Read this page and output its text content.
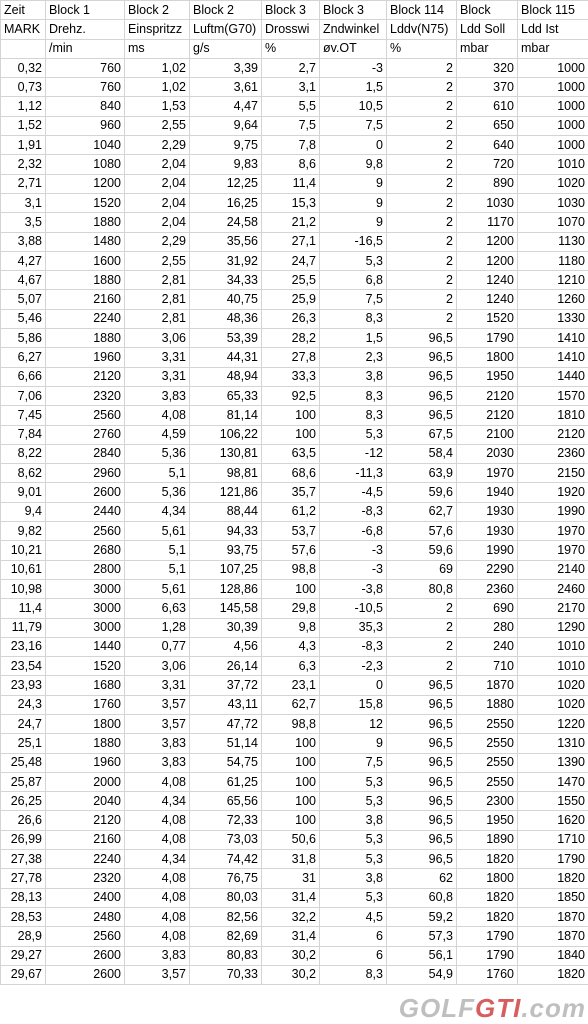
Zeit	Block 1	Block 2	Block 2	Block 3	Block 3	Block 114	Block	Block 115
MARK	Drehz.	Einspritzz	Luftm(G70)	Drosswi	Zndwinkel	Lddv(N75)	Ldd Soll	Ldd Ist
	/min	ms	g/s	%	øv.OT	%	mbar	mbar
0,32	760	1,02	3,39	2,7	-3	2	320	1000
0,73	760	1,02	3,61	3,1	1,5	2	370	1000
1,12	840	1,53	4,47	5,5	10,5	2	610	1000
1,52	960	2,55	9,64	7,5	7,5	2	650	1000
1,91	1040	2,29	9,75	7,8	0	2	640	1000
2,32	1080	2,04	9,83	8,6	9,8	2	720	1010
2,71	1200	2,04	12,25	11,4	9	2	890	1020
3,1	1520	2,04	16,25	15,3	9	2	1030	1030
3,5	1880	2,04	24,58	21,2	9	2	1170	1070
3,88	1480	2,29	35,56	27,1	-16,5	2	1200	1130
4,27	1600	2,55	31,92	24,7	5,3	2	1200	1180
4,67	1880	2,81	34,33	25,5	6,8	2	1240	1210
5,07	2160	2,81	40,75	25,9	7,5	2	1240	1260
5,46	2240	2,81	48,36	26,3	8,3	2	1520	1330
5,86	1880	3,06	53,39	28,2	1,5	96,5	1790	1410
6,27	1960	3,31	44,31	27,8	2,3	96,5	1800	1410
6,66	2120	3,31	48,94	33,3	3,8	96,5	1950	1440
7,06	2320	3,83	65,33	92,5	8,3	96,5	2120	1570
7,45	2560	4,08	81,14	100	8,3	96,5	2120	1810
7,84	2760	4,59	106,22	100	5,3	67,5	2100	2120
8,22	2840	5,36	130,81	63,5	-12	58,4	2030	2360
8,62	2960	5,1	98,81	68,6	-11,3	63,9	1970	2150
9,01	2600	5,36	121,86	35,7	-4,5	59,6	1940	1920
9,4	2440	4,34	88,44	61,2	-8,3	62,7	1930	1990
9,82	2560	5,61	94,33	53,7	-6,8	57,6	1930	1970
10,21	2680	5,1	93,75	57,6	-3	59,6	1990	1970
10,61	2800	5,1	107,25	98,8	-3	69	2290	2140
10,98	3000	5,61	128,86	100	-3,8	80,8	2360	2460
11,4	3000	6,63	145,58	29,8	-10,5	2	690	2170
11,79	3000	1,28	30,39	9,8	35,3	2	280	1290
23,16	1440	0,77	4,56	4,3	-8,3	2	240	1010
23,54	1520	3,06	26,14	6,3	-2,3	2	710	1010
23,93	1680	3,31	37,72	23,1	0	96,5	1870	1020
24,3	1760	3,57	43,11	62,7	15,8	96,5	1880	1020
24,7	1800	3,57	47,72	98,8	12	96,5	2550	1220
25,1	1880	3,83	51,14	100	9	96,5	2550	1310
25,48	1960	3,83	54,75	100	7,5	96,5	2550	1390
25,87	2000	4,08	61,25	100	5,3	96,5	2550	1470
26,25	2040	4,34	65,56	100	5,3	96,5	2300	1550
26,6	2120	4,08	72,33	100	3,8	96,5	1950	1620
26,99	2160	4,08	73,03	50,6	5,3	96,5	1890	1710
27,38	2240	4,34	74,42	31,8	5,3	96,5	1820	1790
27,78	2320	4,08	76,75	31	3,8	62	1800	1820
28,13	2400	4,08	80,03	31,4	5,3	60,8	1820	1850
28,53	2480	4,08	82,56	32,2	4,5	59,2	1820	1870
28,9	2560	4,08	82,69	31,4	6	57,3	1790	1870
29,27	2600	3,83	80,83	30,2	6	56,1	1790	1840
29,67	2600	3,57	70,33	30,2	8,3	54,9	1760	1820
GOLFGTI.com
